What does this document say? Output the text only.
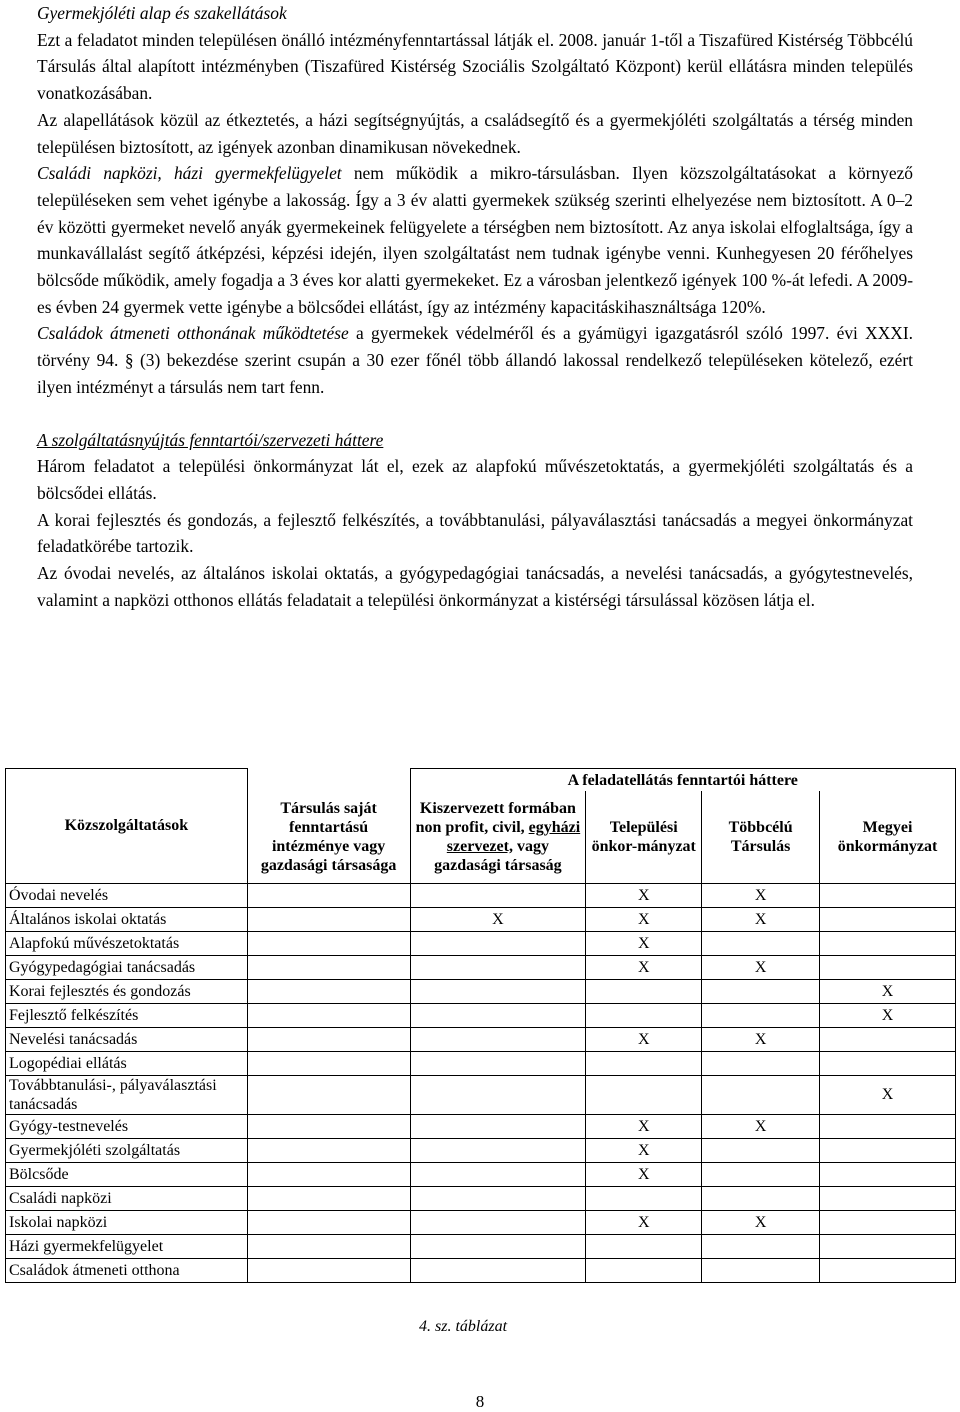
Gyermekjóléti alap és szakellátások

Ezt a feladatot minden településen önálló intézményfenntartással látják el. 2008. január 1-től a Tiszafüred Kistérség Többcélú Társulás által alapított intézményben (Tiszafüred Kistérség Szociális Szolgáltató Központ) kerül ellátásra minden település vonatkozásában.

Az alapellátások közül az étkeztetés, a házi segítségnyújtás, a családsegítő és a gyermekjóléti szolgáltatás a térség minden településen biztosított, az igények azonban dinamikusan növekednek.

Családi napközi, házi gyermekfelügyelet nem működik a mikro-társulásban. Ilyen közszolgáltatásokat a környező településeken sem vehet igénybe a lakosság. Így a 3 év alatti gyermekek szükség szerinti elhelyezése nem biztosított. A 0–2 év közötti gyermeket nevelő anyák gyermekeinek felügyelete a térségben nem biztosított. Az anya iskolai elfoglaltsága, így a munkavállalást segítő átképzési, képzési idején, ilyen szolgáltatást nem tudnak igénybe venni. Kunhegyesen 20 férőhelyes bölcsőde működik, amely fogadja a 3 éves kor alatti gyermekeket. Ez a városban jelentkező igények 100 %-át lefedi. A 2009-es évben 24 gyermek vette igénybe a bölcsődei ellátást, így az intézmény kapacitáskihasználtsága 120%.

Családok átmeneti otthonának működtetése a gyermekek védelméről és a gyámügyi igazgatásról szóló 1997. évi XXXI. törvény 94. § (3) bekezdése szerint csupán a 30 ezer főnél több állandó lakossal rendelkező településeken kötelező, ezért ilyen intézményt a társulás nem tart fenn.

A szolgáltatásnyújtás fenntartói/szervezeti háttere

Három feladatot a települési önkormányzat lát el, ezek az alapfokú művészetoktatás, a gyermekjóléti szolgáltatás és a bölcsődei ellátás.

A korai fejlesztés és gondozás, a fejlesztő felkészítés, a továbbtanulási, pályaválasztási tanácsadás a megyei önkormányzat feladatkörébe tartozik.

Az óvodai nevelés, az általános iskolai oktatás, a gyógypedagógiai tanácsadás, a nevelési tanácsadás, a gyógytestnevelés, valamint a napközi otthonos ellátás feladatait a települési önkormányzat a kistérségi társulással közösen látja el.

Közszolgáltatások	Társulás saját fenntartású intézménye vagy gazdasági társasága	A feladatellátás fenntartói háttere			
		Kiszervezett formában non profit, civil, egyházi szervezet, vagy gazdasági társaság	Települési önkor-mányzat	Többcélú Társulás	Megyei önkormányzat
Óvodai nevelés			X	X	
Általános iskolai oktatás		X	X	X	
Alapfokú művészetoktatás			X		
Gyógypedagógiai tanácsadás			X	X	
Korai fejlesztés és gondozás					X
Fejlesztő felkészítés					X
Nevelési tanácsadás			X	X	
Logopédiai ellátás					
Továbbtanulási-, pályaválasztási tanácsadás					X
Gyógy-testnevelés			X	X	
Gyermekjóléti szolgáltatás			X		
Bölcsőde			X		
Családi napközi					
Iskolai napközi			X	X	
Házi gyermekfelügyelet					
Családok átmeneti otthona					
4. sz. táblázat
8
